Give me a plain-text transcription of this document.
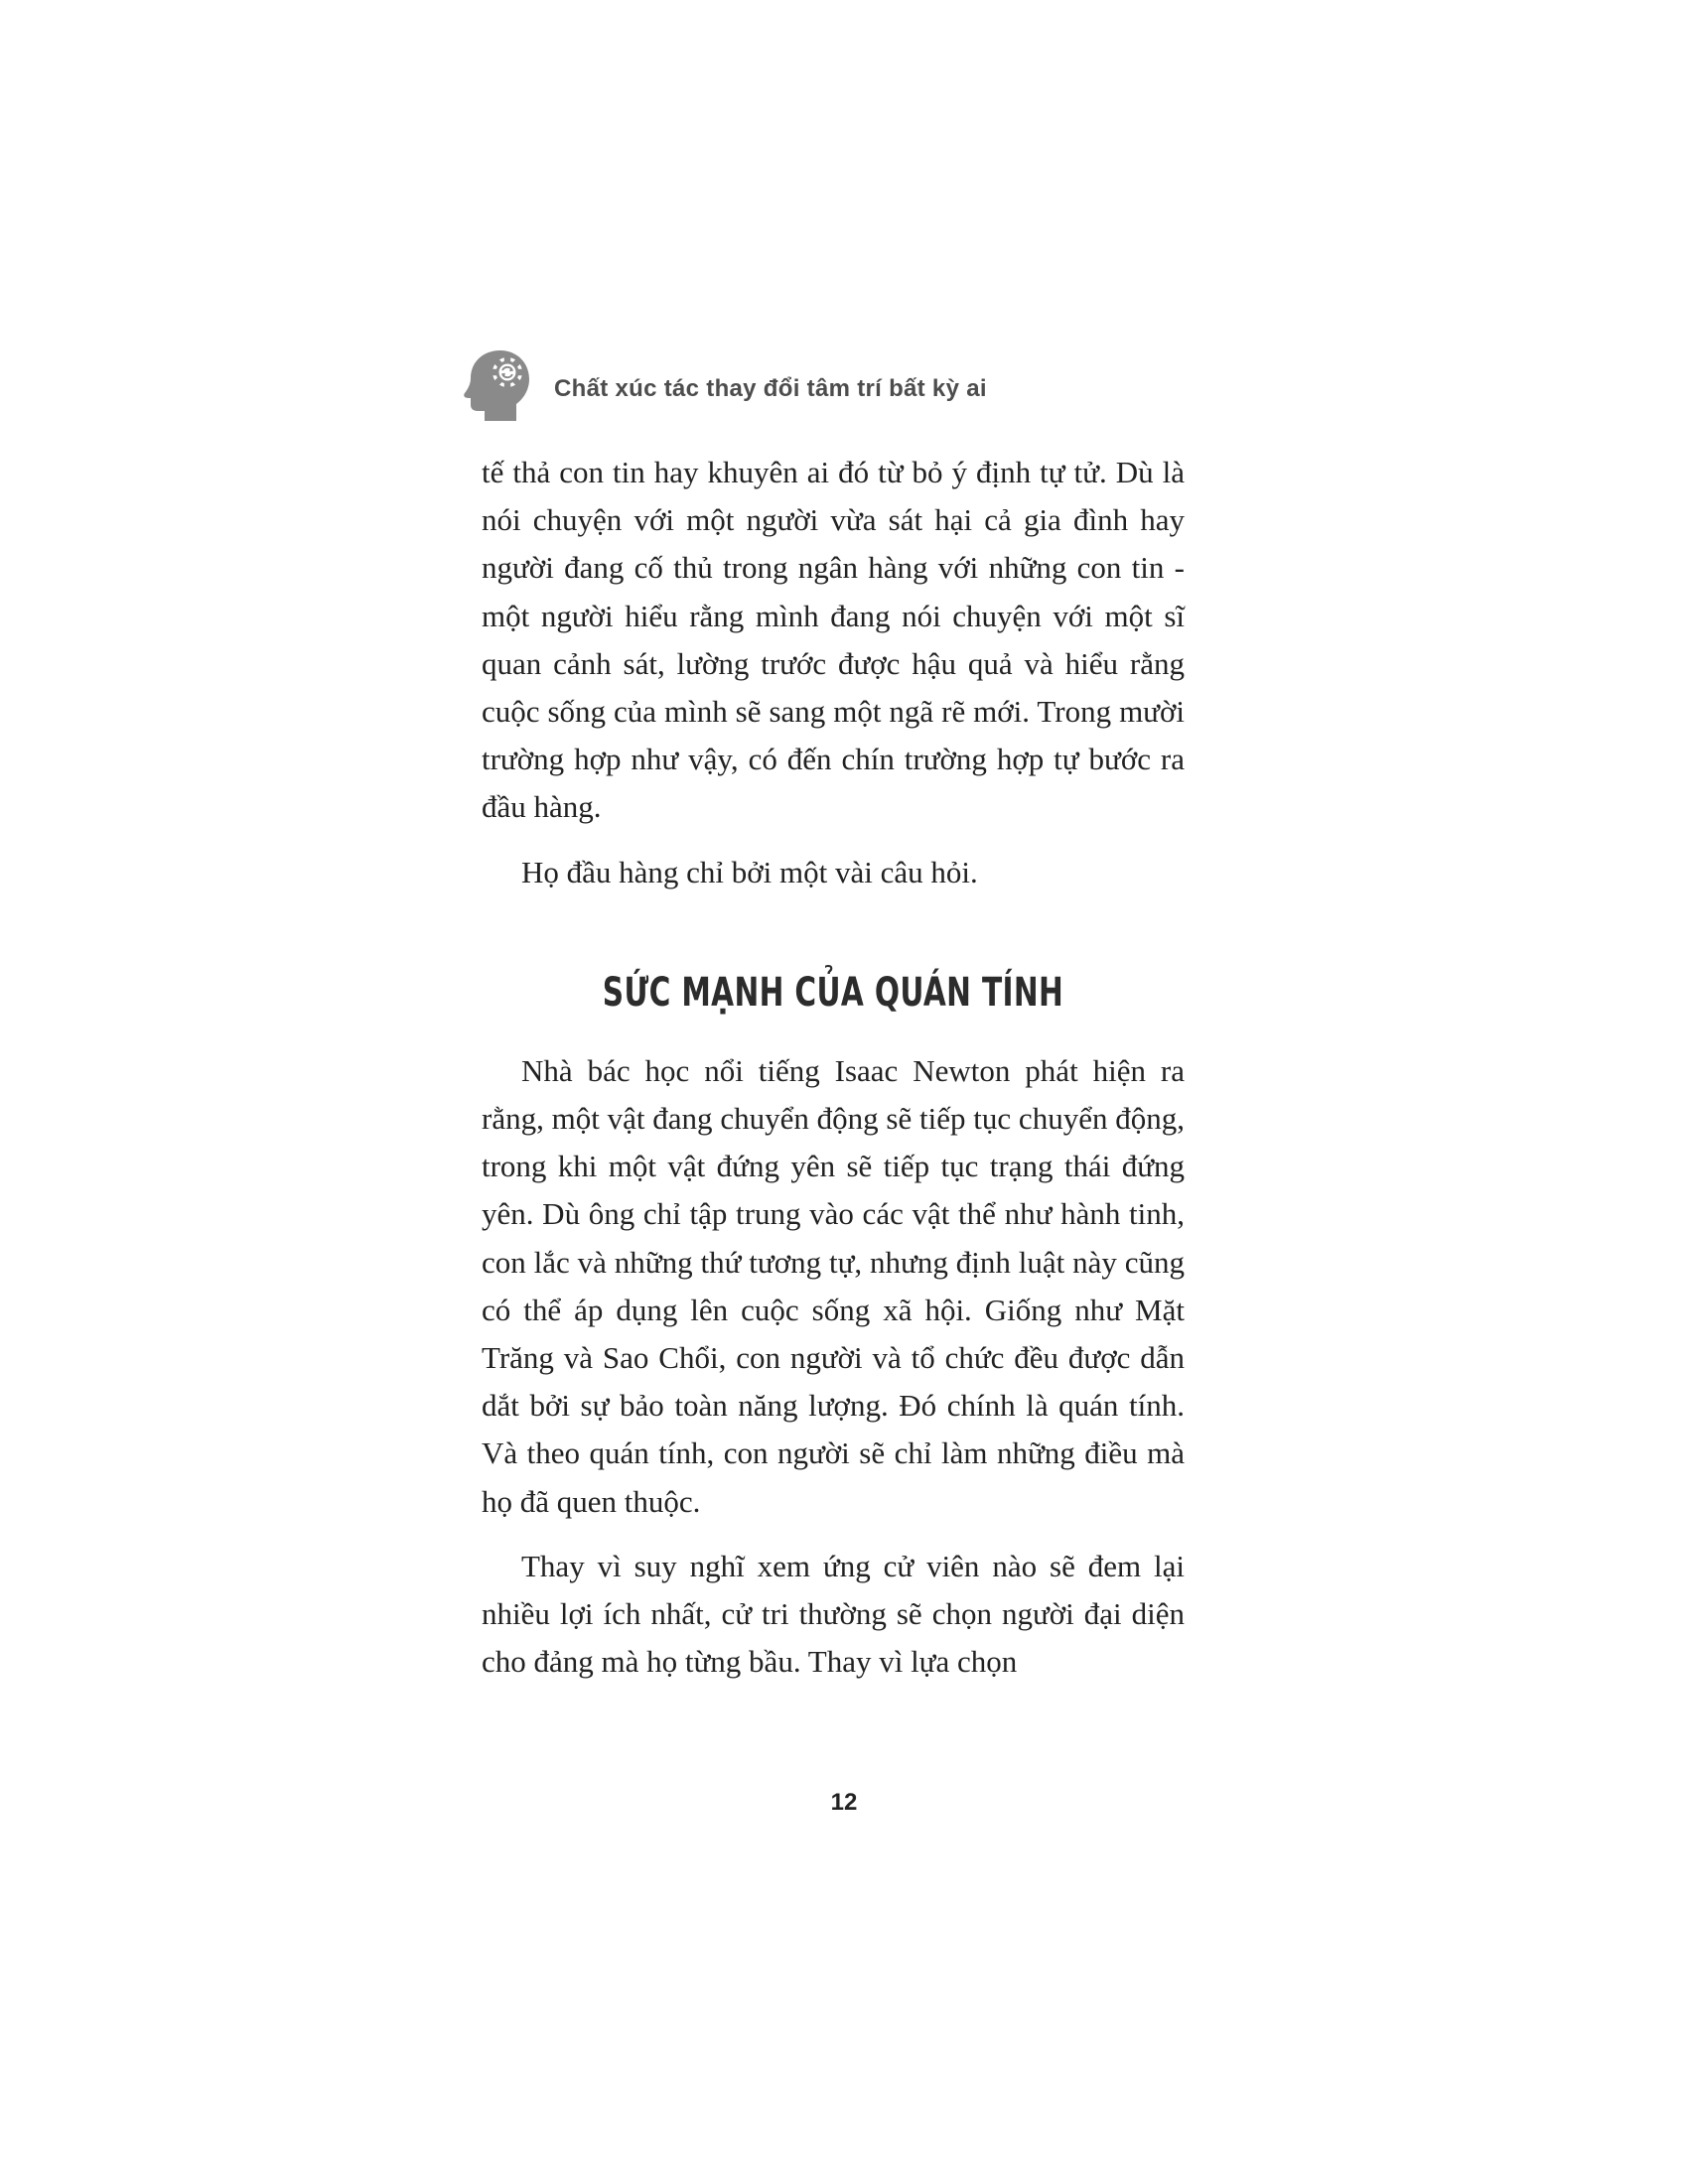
Chất xúc tác thay đổi tâm trí bất kỳ ai

tế thả con tin hay khuyên ai đó từ bỏ ý định tự tử. Dù là nói chuyện với một người vừa sát hại cả gia đình hay người đang cố thủ trong ngân hàng với những con tin - một người hiểu rằng mình đang nói chuyện với một sĩ quan cảnh sát, lường trước được hậu quả và hiểu rằng cuộc sống của mình sẽ sang một ngã rẽ mới. Trong mười trường hợp như vậy, có đến chín trường hợp tự bước ra đầu hàng.

Họ đầu hàng chỉ bởi một vài câu hỏi.

SỨC MẠNH CỦA QUÁN TÍNH

Nhà bác học nổi tiếng Isaac Newton phát hiện ra rằng, một vật đang chuyển động sẽ tiếp tục chuyển động, trong khi một vật đứng yên sẽ tiếp tục trạng thái đứng yên. Dù ông chỉ tập trung vào các vật thể như hành tinh, con lắc và những thứ tương tự, nhưng định luật này cũng có thể áp dụng lên cuộc sống xã hội. Giống như Mặt Trăng và Sao Chổi, con người và tổ chức đều được dẫn dắt bởi sự bảo toàn năng lượng. Đó chính là quán tính. Và theo quán tính, con người sẽ chỉ làm những điều mà họ đã quen thuộc.

Thay vì suy nghĩ xem ứng cử viên nào sẽ đem lại nhiều lợi ích nhất, cử tri thường sẽ chọn người đại diện cho đảng mà họ từng bầu. Thay vì lựa chọn

12
